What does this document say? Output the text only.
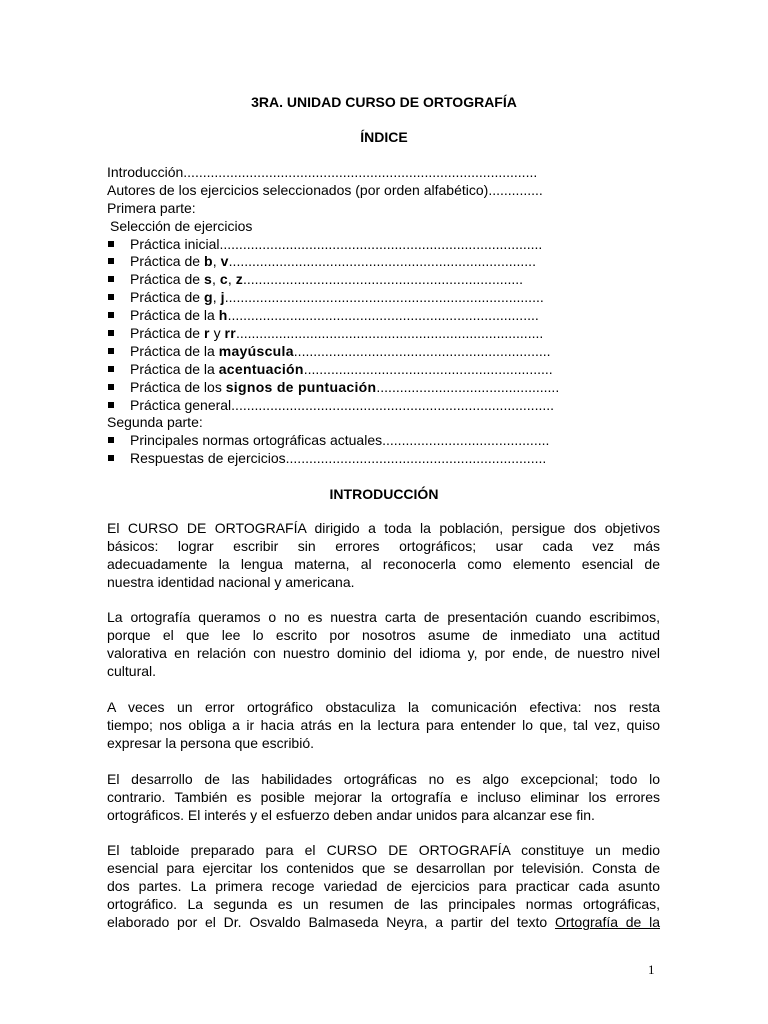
3RA. UNIDAD CURSO DE ORTOGRAFÍA
ÍNDICE
Introducción...........................................................................................
Autores de los ejercicios seleccionados (por orden alfabético)..............
Primera parte:
Selección de ejercicios
Práctica inicial...................................................................................
Práctica de b, v...............................................................................
Práctica de s, c, z........................................................................
Práctica de g, j..................................................................................
Práctica de la h................................................................................
Práctica de r y rr...............................................................................
Práctica de la mayúscula..................................................................
Práctica de la acentuación................................................................
Práctica de los signos de puntuación...............................................
Práctica general...................................................................................
Segunda parte:
Principales normas ortográficas actuales...........................................
Respuestas de ejercicios...................................................................
INTRODUCCIÓN
El CURSO DE ORTOGRAFÍA dirigido a toda la población, persigue dos objetivos
básicos: lograr escribir sin errores ortográficos; usar cada vez más
adecuadamente la lengua materna, al reconocerla como elemento esencial de
nuestra identidad nacional y americana.
La ortografía queramos o no es nuestra carta de presentación cuando escribimos,
porque el que lee lo escrito por nosotros asume de inmediato una actitud
valorativa en relación con nuestro dominio del idioma y, por ende, de nuestro nivel
cultural.
A veces un error ortográfico obstaculiza la comunicación efectiva: nos resta
tiempo; nos obliga a ir hacia atrás en la lectura para entender lo que, tal vez, quiso
expresar la persona que escribió.
El desarrollo de las habilidades ortográficas no es algo excepcional; todo lo
contrario. También es posible mejorar la ortografía e incluso eliminar los errores
ortográficos. El interés y el esfuerzo deben andar unidos para alcanzar ese fin.
El tabloide preparado para el CURSO DE ORTOGRAFÍA constituye un medio
esencial para ejercitar los contenidos que se desarrollan por televisión. Consta de
dos partes. La primera recoge variedad de ejercicios para practicar cada asunto
ortográfico. La segunda es un resumen de las principales normas ortográficas,
elaborado por el Dr. Osvaldo Balmaseda Neyra, a partir del texto Ortografía de la
1
